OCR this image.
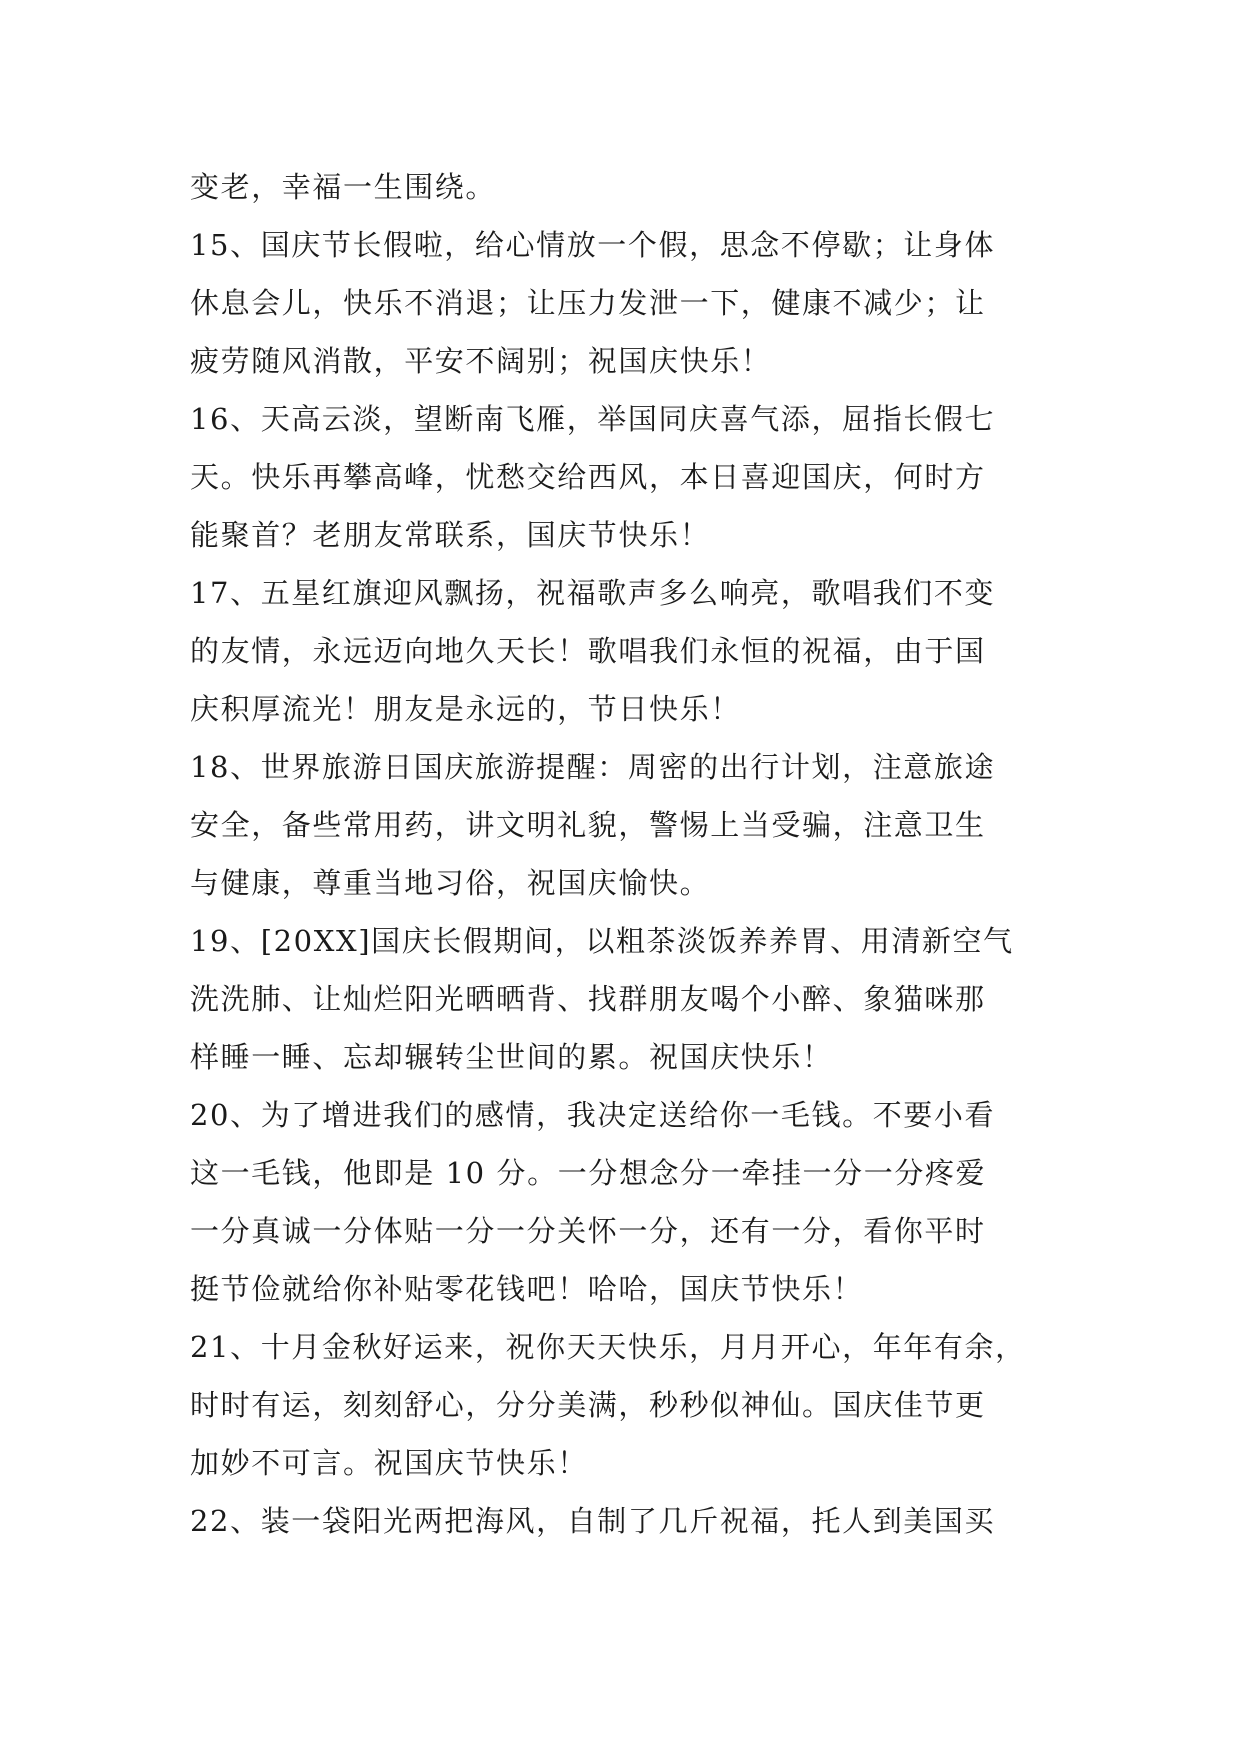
变老，幸福一生围绕。
15、国庆节长假啦，给心情放一个假，思念不停歇；让身体
休息会儿，快乐不消退；让压力发泄一下，健康不减少；让
疲劳随风消散，平安不阔别；祝国庆快乐！
16、天高云淡，望断南飞雁，举国同庆喜气添，屈指长假七
天。快乐再攀高峰，忧愁交给西风，本日喜迎国庆，何时方
能聚首？老朋友常联系，国庆节快乐！
17、五星红旗迎风飘扬，祝福歌声多么响亮，歌唱我们不变
的友情，永远迈向地久天长！歌唱我们永恒的祝福，由于国
庆积厚流光！朋友是永远的，节日快乐！
18、世界旅游日国庆旅游提醒：周密的出行计划，注意旅途
安全，备些常用药，讲文明礼貌，警惕上当受骗，注意卫生
与健康，尊重当地习俗，祝国庆愉快。
19、[20XX]国庆长假期间，以粗茶淡饭养养胃、用清新空气
洗洗肺、让灿烂阳光晒晒背、找群朋友喝个小醉、象猫咪那
样睡一睡、忘却辗转尘世间的累。祝国庆快乐！
20、为了增进我们的感情，我决定送给你一毛钱。不要小看
这一毛钱，他即是 10 分。一分想念分一牵挂一分一分疼爱
一分真诚一分体贴一分一分关怀一分，还有一分，看你平时
挺节俭就给你补贴零花钱吧！哈哈，国庆节快乐！
21、十月金秋好运来，祝你天天快乐，月月开心，年年有余，
时时有运，刻刻舒心，分分美满，秒秒似神仙。国庆佳节更
加妙不可言。祝国庆节快乐！
22、装一袋阳光两把海风，自制了几斤祝福，托人到美国买
